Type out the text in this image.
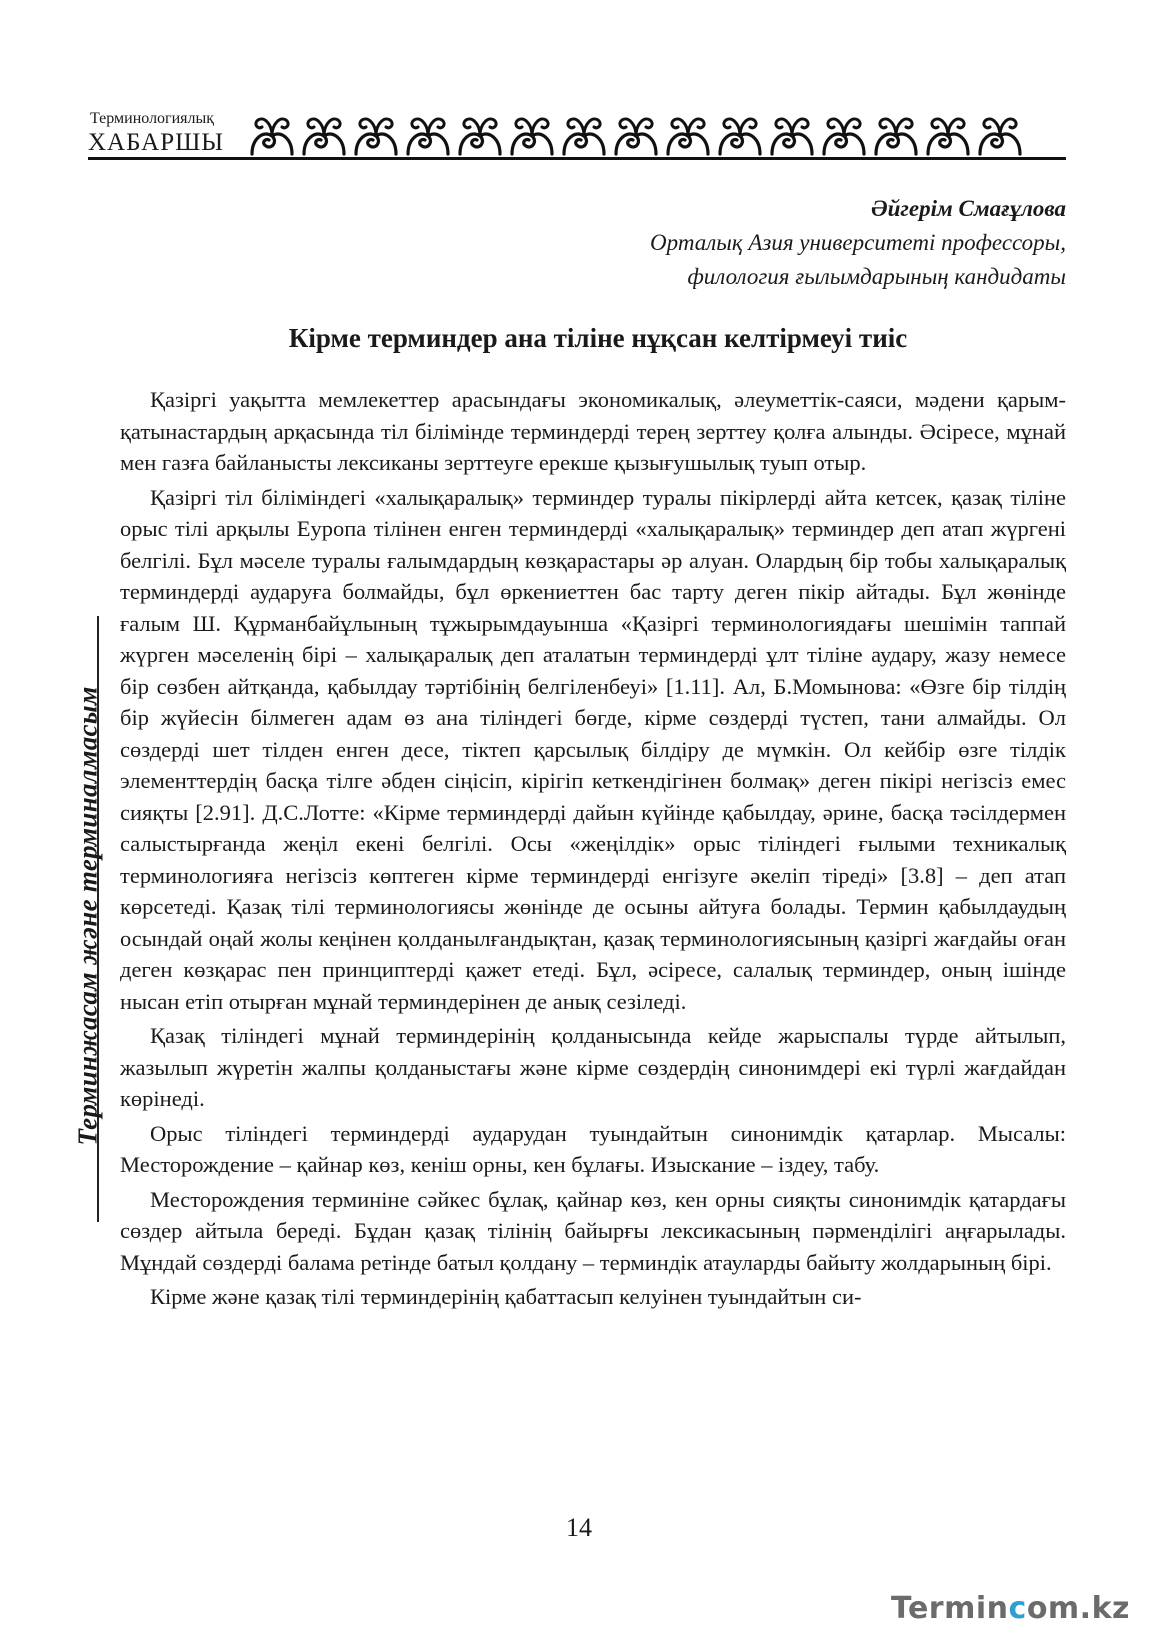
Терминологиялық
ХАБАРШЫ
Терминжасам және терминалмасым
Әйгерім Смағұлова
Орталық Азия университеті профессоры,
филология ғылымдарының кандидаты
Кірме терминдер ана тіліне нұқсан келтірмеуі тиіс

Қазіргі уақытта мемлекеттер арасындағы экономикалық, әлеуметтік-саяси, мәдени қарым-қатынастардың арқасында тіл білімінде терминдерді терең зерттеу қолға алынды. Әсіресе, мұнай мен газға байланысты лексиканы зерттеуге ерекше қызығушылық туып отыр.

Қазіргі тіл біліміндегі «халықаралық» терминдер туралы пікірлерді айта кетсек, қазақ тіліне орыс тілі арқылы Еуропа тілінен енген терминдерді «халықаралық» терминдер деп атап жүргені белгілі. Бұл мәселе туралы ғалымдардың көзқарастары әр алуан. Олардың бір тобы халықаралық терминдерді аударуға болмайды, бұл өркениеттен бас тарту деген пікір айтады. Бұл жөнінде ғалым Ш. Құрманбайұлының тұжырымдауынша «Қазіргі терминологиядағы шешімін таппай жүрген мәселенің бірі – халықаралық деп аталатын терминдерді ұлт тіліне аудару, жазу немесе бір сөзбен айтқанда, қабылдау тәртібінің белгіленбеуі» [1.11]. Ал, Б.Момынова: «Өзге бір тілдің бір жүйесін білмеген адам өз ана тіліндегі бөгде, кірме сөздерді түстеп, тани алмайды. Ол сөздерді шет тілден енген десе, тіктеп қарсылық білдіру де мүмкін. Ол кейбір өзге тілдік элементтердің басқа тілге әбден сіңісіп, кірігіп кеткендігінен болмақ» деген пікірі негізсіз емес сияқты [2.91]. Д.С.Лотте: «Кірме терминдерді дайын күйінде қабылдау, әрине, басқа тәсілдермен салыстырғанда жеңіл екені белгілі. Осы «жеңілдік» орыс тіліндегі ғылыми техникалық терминологияға негізсіз көптеген кірме терминдерді енгізуге әкеліп тіреді» [3.8] – деп атап көрсетеді. Қазақ тілі терминологиясы жөнінде де осыны айтуға болады. Термин қабылдаудың осындай оңай жолы кеңінен қолданылғандықтан, қазақ терминологиясының қазіргі жағдайы оған деген көзқарас пен принциптерді қажет етеді. Бұл, әсіресе, салалық терминдер, оның ішінде нысан етіп отырған мұнай терминдерінен де анық сезіледі.

Қазақ тіліндегі мұнай терминдерінің қолданысында кейде жарыспалы түрде айтылып, жазылып жүретін жалпы қолданыстағы және кірме сөздердің синонимдері екі түрлі жағдайдан көрінеді.

Орыс тіліндегі терминдерді аударудан туындайтын синонимдік қатарлар. Мысалы: Месторождение – қайнар көз, кеніш орны, кен бұлағы. Изыскание – іздеу, табу.

Месторождения терминіне сәйкес бұлақ, қайнар көз, кен орны сияқты синонимдік қатардағы сөздер айтыла береді. Бұдан қазақ тілінің байырғы лексикасының пәрменділігі аңғарылады. Мұндай сөздерді балама ретінде батыл қолдану – терминдік атауларды байыту жолдарының бірі.

Кірме және қазақ тілі терминдерінің қабаттасып келуінен туындайтын си-

14
Termincom.kz
